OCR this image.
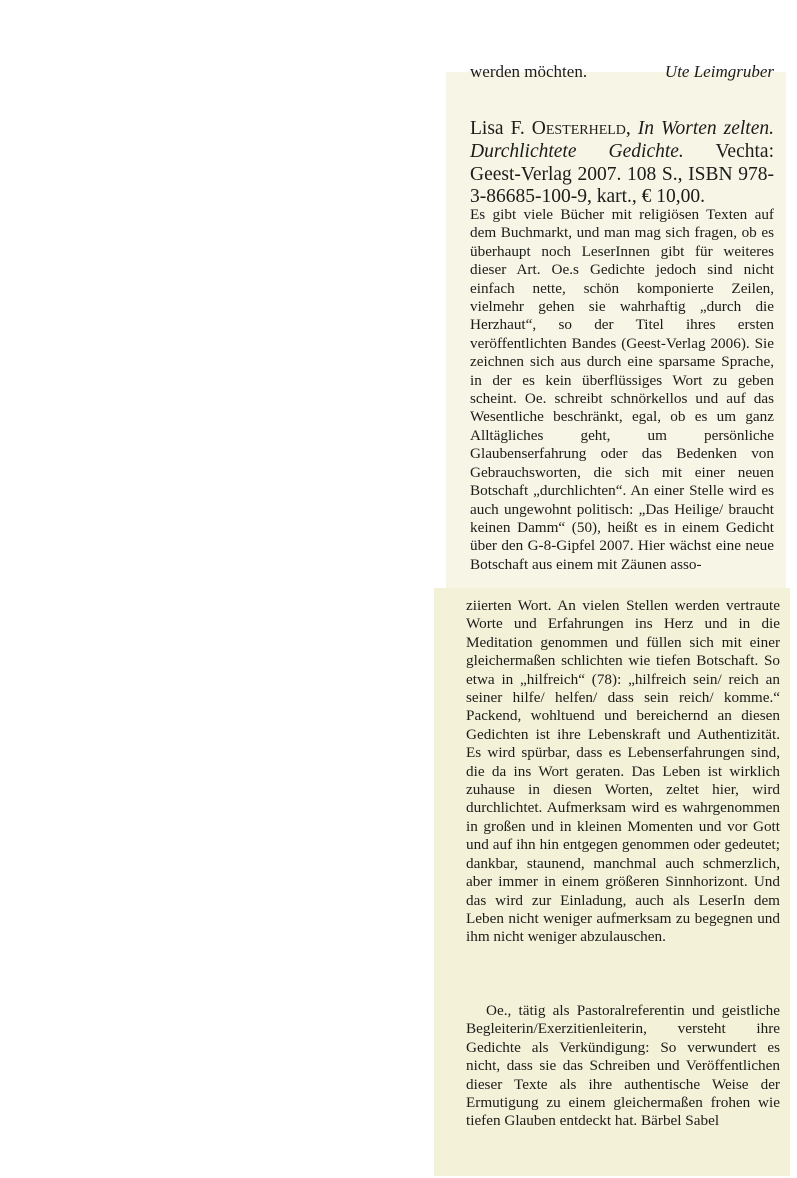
werden möchten.	Ute Leimgruber
Lisa F. Oesterheld, In Worten zelten. Durchlichtete Gedichte. Vechta: Geest-Verlag 2007. 108 S., ISBN 978-3-86685-100-9, kart., € 10,00.
Es gibt viele Bücher mit religiösen Texten auf dem Buchmarkt, und man mag sich fragen, ob es überhaupt noch LeserInnen gibt für weiteres dieser Art. Oe.s Gedichte jedoch sind nicht einfach nette, schön komponierte Zeilen, vielmehr gehen sie wahrhaftig „durch die Herzhaut“, so der Titel ihres ersten veröffentlichten Bandes (Geest-Verlag 2006). Sie zeichnen sich aus durch eine sparsame Sprache, in der es kein überflüssiges Wort zu geben scheint. Oe. schreibt schnörkellos und auf das Wesentliche beschränkt, egal, ob es um ganz Alltägliches geht, um persönliche Glaubenserfahrung oder das Bedenken von Gebrauchsworten, die sich mit einer neuen Botschaft „durchlichten“. An einer Stelle wird es auch ungewohnt politisch: „Das Heilige/ braucht keinen Damm“ (50), heißt es in einem Gedicht über den G-8-Gipfel 2007. Hier wächst eine neue Botschaft aus einem mit Zäunen asso-
ziierten Wort. An vielen Stellen werden vertraute Worte und Erfahrungen ins Herz und in die Meditation genommen und füllen sich mit einer gleichermaßen schlichten wie tiefen Botschaft. So etwa in „hilfreich“ (78): „hilfreich sein/ reich an seiner hilfe/ helfen/ dass sein reich/ komme.“ Packend, wohltuend und bereichernd an diesen Gedichten ist ihre Lebenskraft und Authentizität. Es wird spürbar, dass es Lebenserfahrungen sind, die da ins Wort geraten. Das Leben ist wirklich zuhause in diesen Worten, zeltet hier, wird durchlichtet. Aufmerksam wird es wahrgenommen in großen und in kleinen Momenten und vor Gott und auf ihn hin entgegen genommen oder gedeutet; dankbar, staunend, manchmal auch schmerzlich, aber immer in einem größeren Sinnhorizont. Und das wird zur Einladung, auch als LeserIn dem Leben nicht weniger aufmerksam zu begegnen und ihm nicht weniger abzulauschen.
Oe., tätig als Pastoralreferentin und geistliche Begleiterin/Exerzitienleiterin, versteht ihre Gedichte als Verkündigung: So verwundert es nicht, dass sie das Schreiben und Veröffentlichen dieser Texte als ihre authentische Weise der Ermutigung zu einem gleichermaßen frohen wie tiefen Glauben entdeckt hat. Bärbel Sabel
